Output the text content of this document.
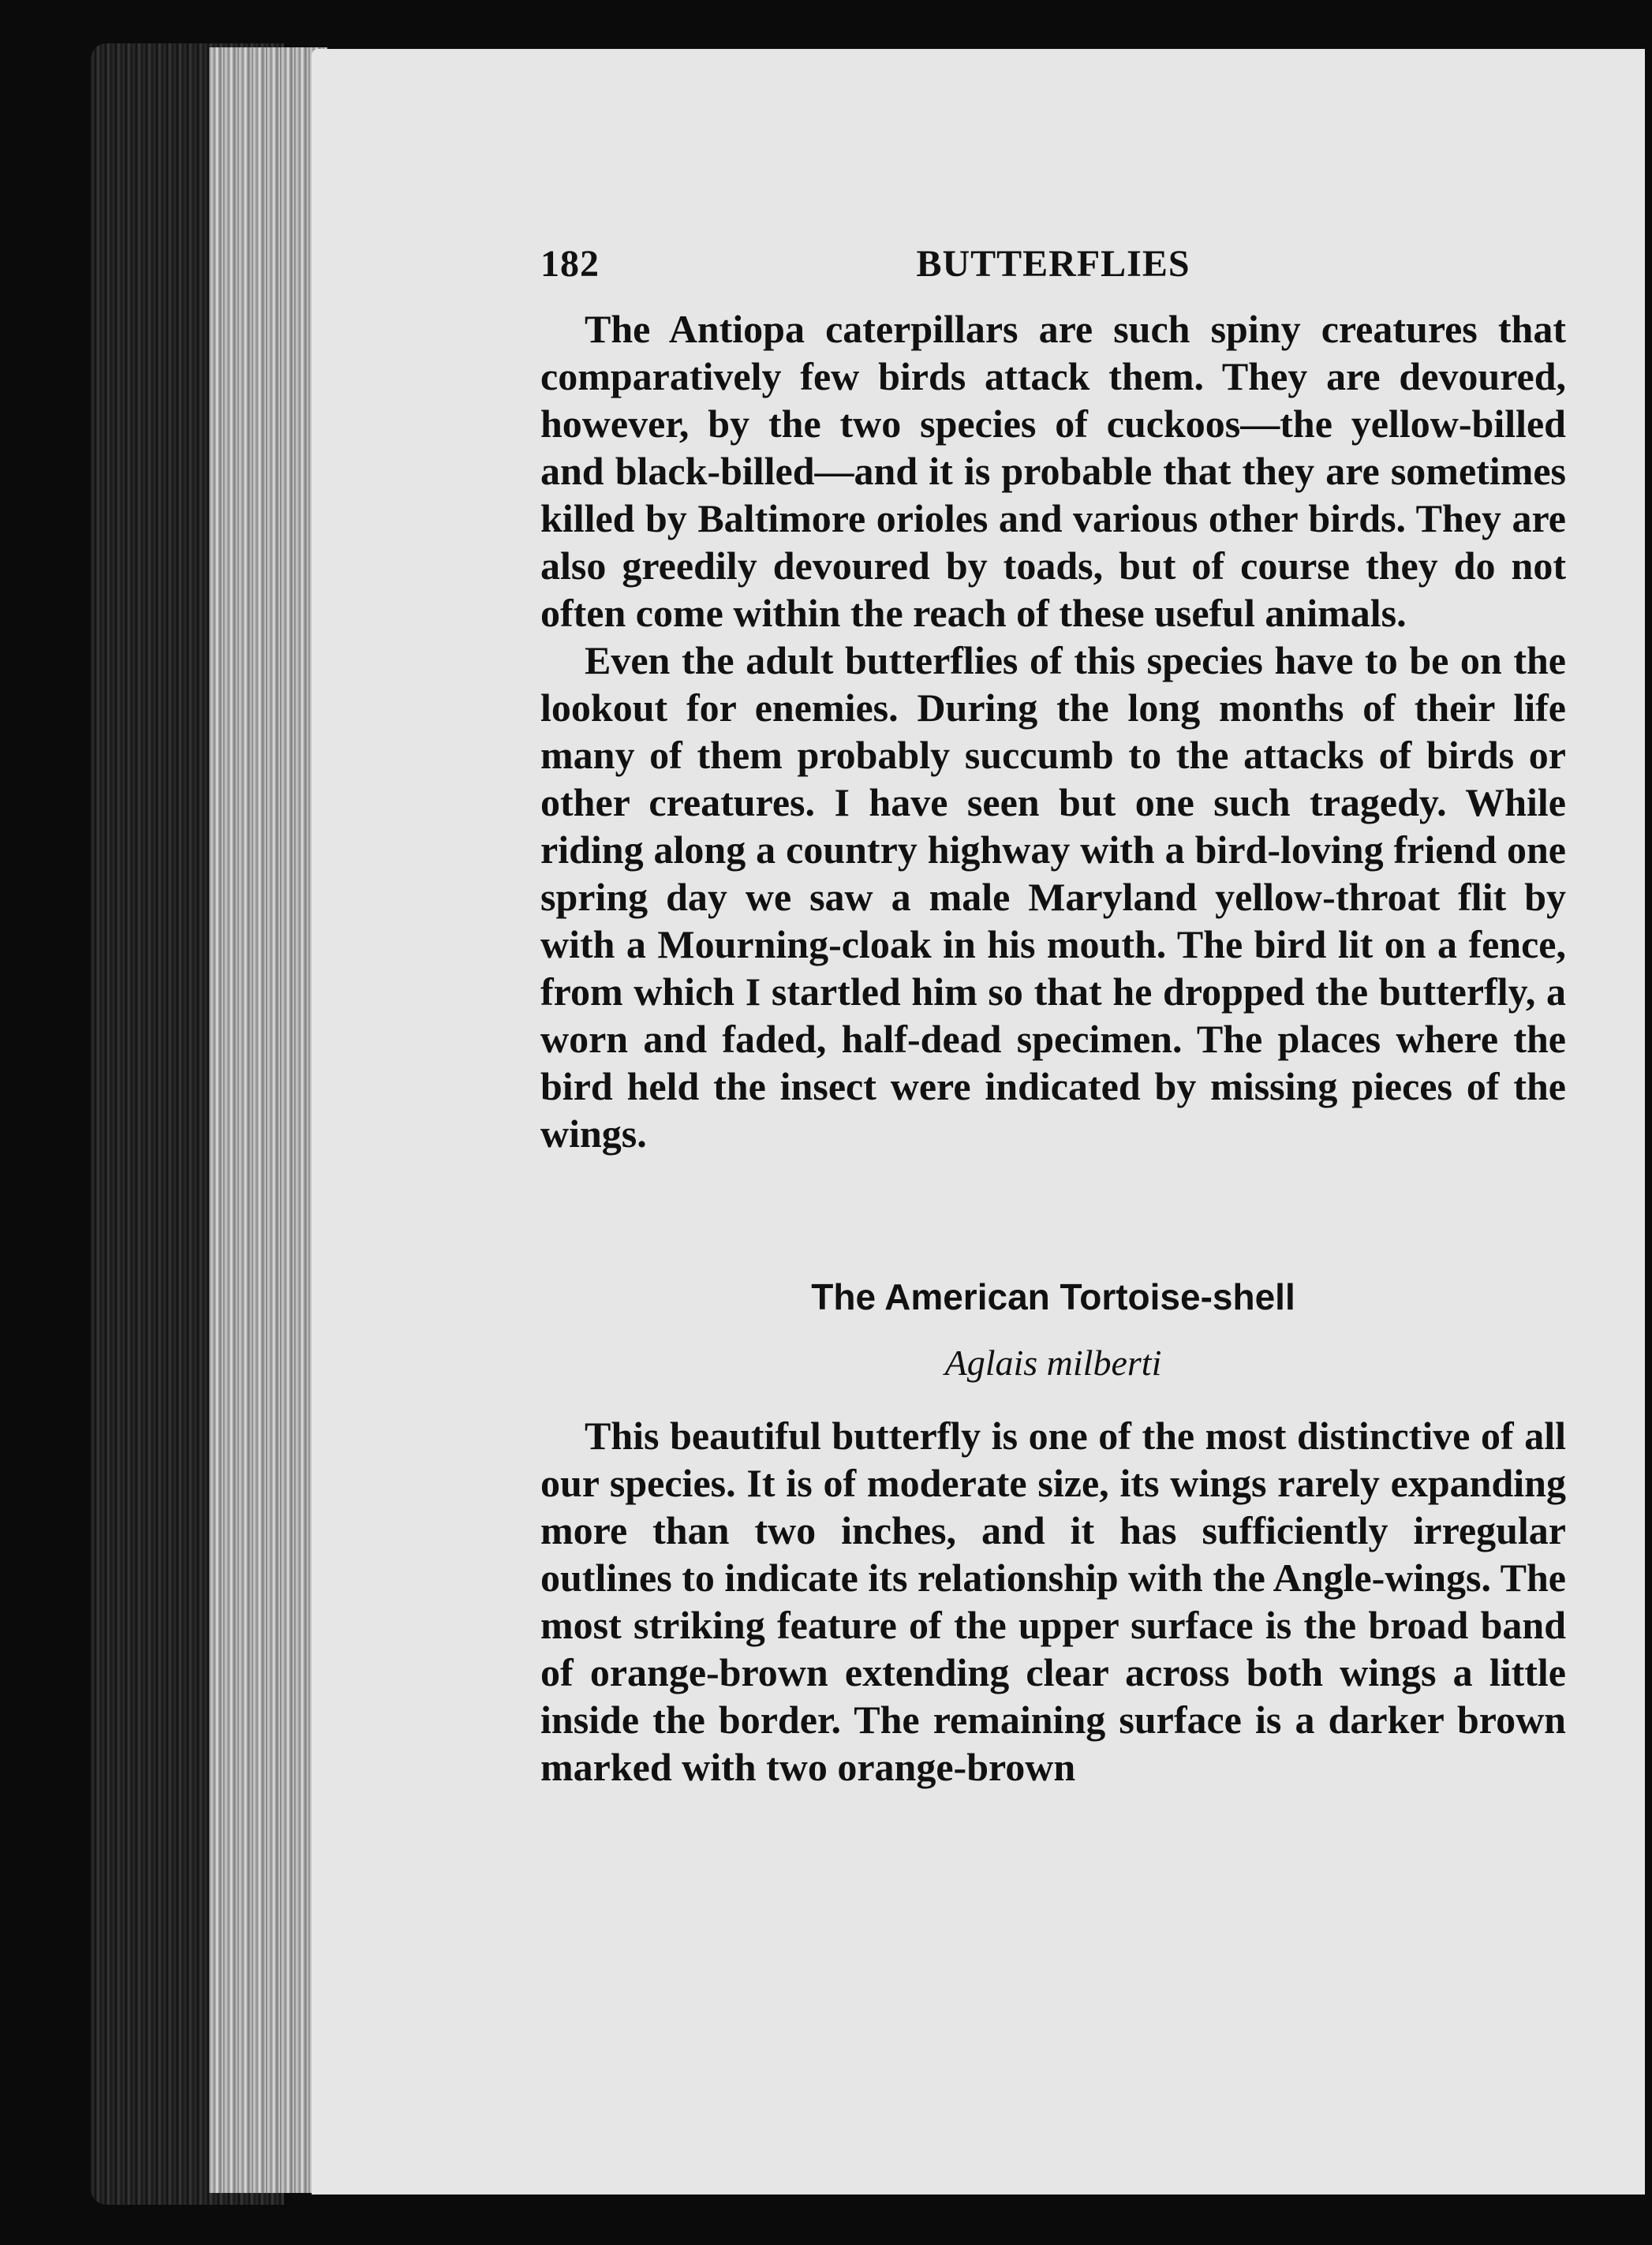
182	BUTTERFLIES

The Antiopa caterpillars are such spiny creatures that comparatively few birds attack them. They are devoured, however, by the two species of cuckoos—the yellow-billed and black-billed—and it is probable that they are sometimes killed by Baltimore orioles and various other birds. They are also greedily devoured by toads, but of course they do not often come within the reach of these useful animals.

Even the adult butterflies of this species have to be on the lookout for enemies. During the long months of their life many of them probably succumb to the attacks of birds or other creatures. I have seen but one such tragedy. While riding along a country highway with a bird-loving friend one spring day we saw a male Maryland yellow-throat flit by with a Mourning-cloak in his mouth. The bird lit on a fence, from which I startled him so that he dropped the butterfly, a worn and faded, half-dead specimen. The places where the bird held the insect were indicated by missing pieces of the wings.

The American Tortoise-shell
Aglais milberti

This beautiful butterfly is one of the most distinctive of all our species. It is of moderate size, its wings rarely expanding more than two inches, and it has sufficiently irregular outlines to indicate its relationship with the Angle-wings. The most striking feature of the upper surface is the broad band of orange-brown extending clear across both wings a little inside the border. The remaining surface is a darker brown marked with two orange-brown
